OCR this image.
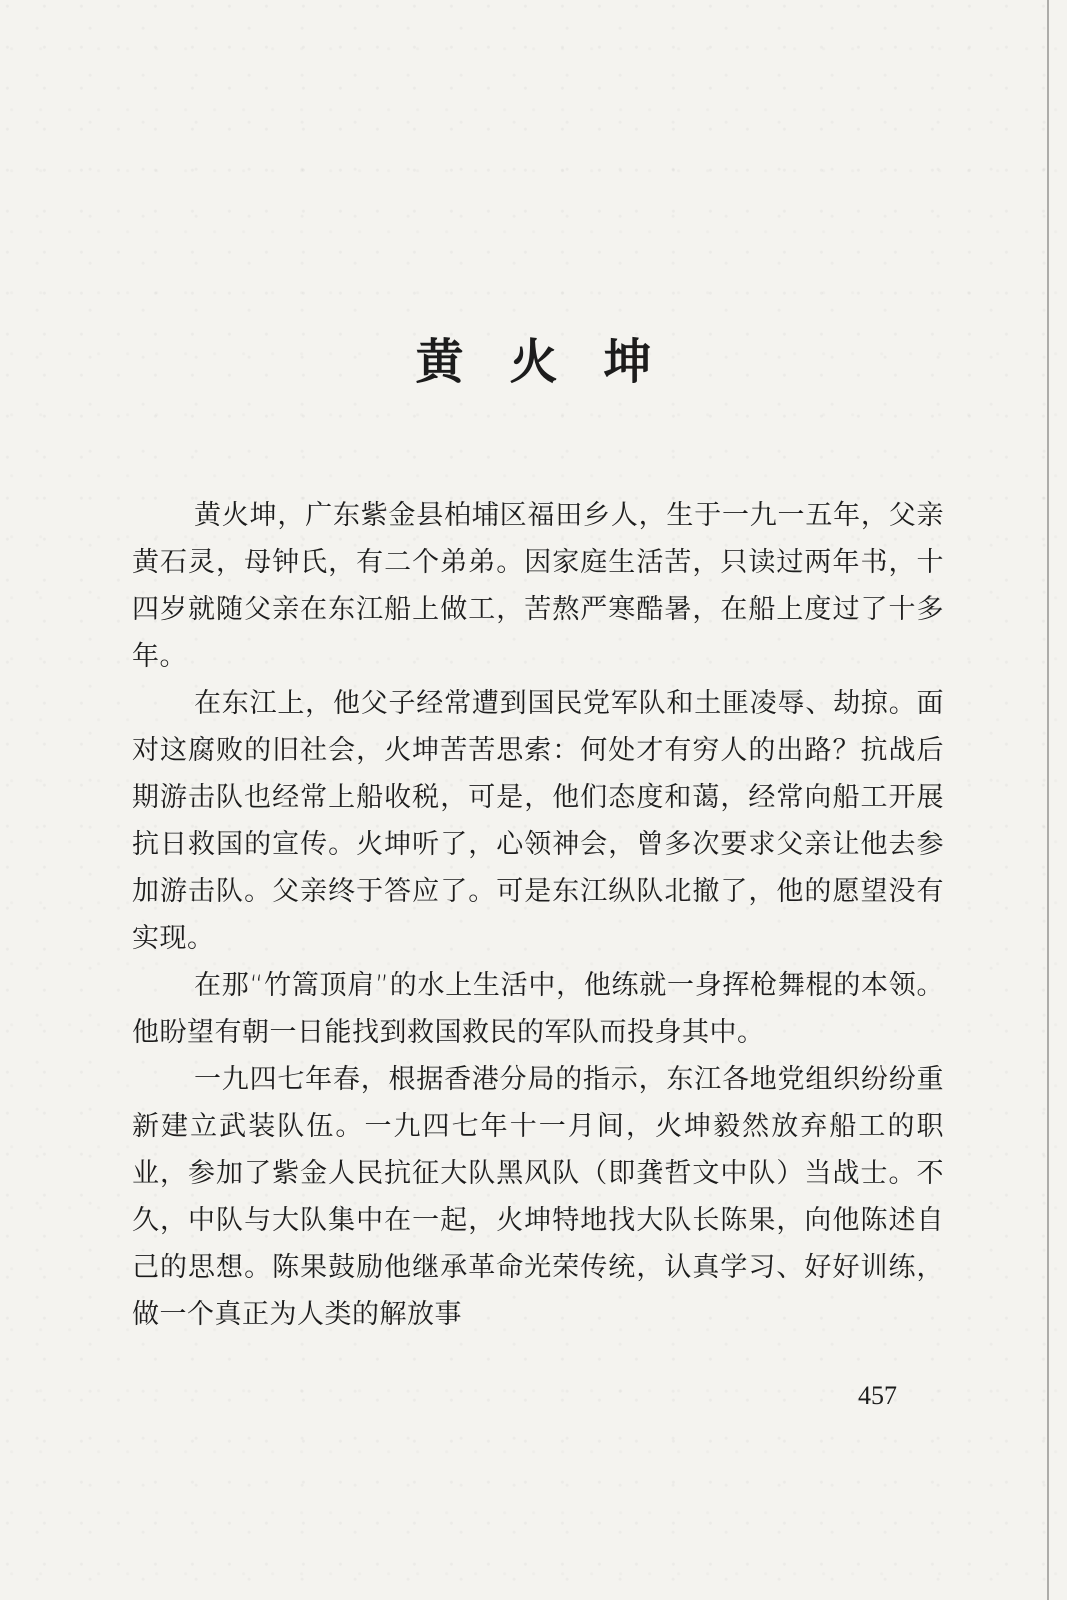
黄火坤

黄火坤，广东紫金县柏埔区福田乡人，生于一九一五年，父亲黄石灵，母钟氏，有二个弟弟。因家庭生活苦，只读过两年书，十四岁就随父亲在东江船上做工，苦熬严寒酷暑，在船上度过了十多年。

在东江上，他父子经常遭到国民党军队和土匪凌辱、劫掠。面对这腐败的旧社会，火坤苦苦思索：何处才有穷人的出路？抗战后期游击队也经常上船收税，可是，他们态度和蔼，经常向船工开展抗日救国的宣传。火坤听了，心领神会，曾多次要求父亲让他去参加游击队。父亲终于答应了。可是东江纵队北撤了，他的愿望没有实现。

在那“竹篙顶肩”的水上生活中，他练就一身挥枪舞棍的本领。他盼望有朝一日能找到救国救民的军队而投身其中。

一九四七年春，根据香港分局的指示，东江各地党组织纷纷重新建立武装队伍。一九四七年十一月间，火坤毅然放弃船工的职业，参加了紫金人民抗征大队黑风队（即龚哲文中队）当战士。不久，中队与大队集中在一起，火坤特地找大队长陈果，向他陈述自己的思想。陈果鼓励他继承革命光荣传统，认真学习、好好训练，做一个真正为人类的解放事

457
